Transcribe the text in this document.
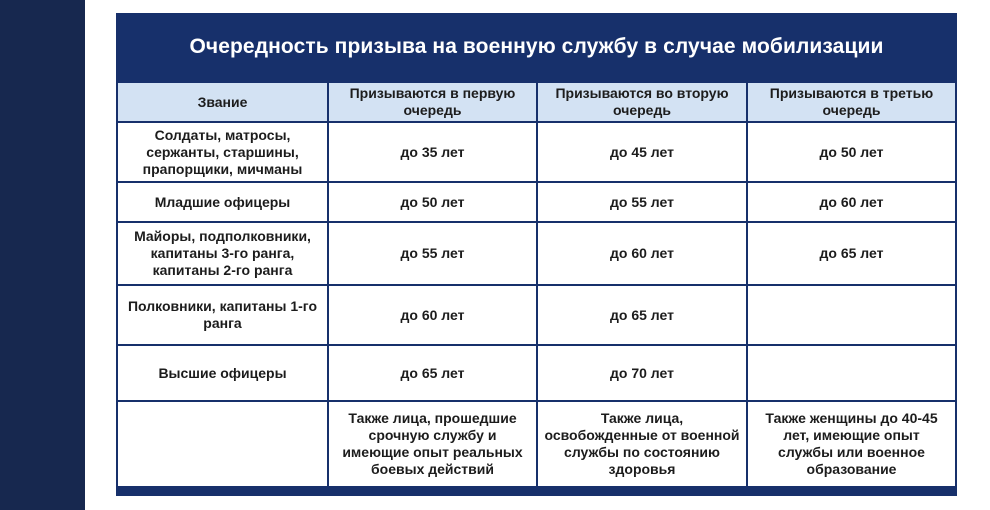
Очередность призыва на военную службу в случае мобилизации
Звание	Призываются в первую очередь	Призываются во вторую очередь	Призываются в третью очередь
Солдаты, матросы, сержанты, старшины, прапорщики, мичманы	до 35 лет	до 45 лет	до 50 лет
Младшие офицеры	до 50 лет	до 55 лет	до 60 лет
Майоры, подполковники, капитаны 3-го ранга, капитаны 2-го ранга	до 55 лет	до 60 лет	до 65 лет
Полковники, капитаны 1-го ранга	до 60 лет	до 65 лет	
Высшие офицеры	до 65 лет	до 70 лет	
	Также лица, прошедшие срочную службу и имеющие опыт реальных боевых действий	Также лица, освобожденные от военной службы по состоянию здоровья	Также женщины до 40-45 лет, имеющие опыт службы или военное образование
